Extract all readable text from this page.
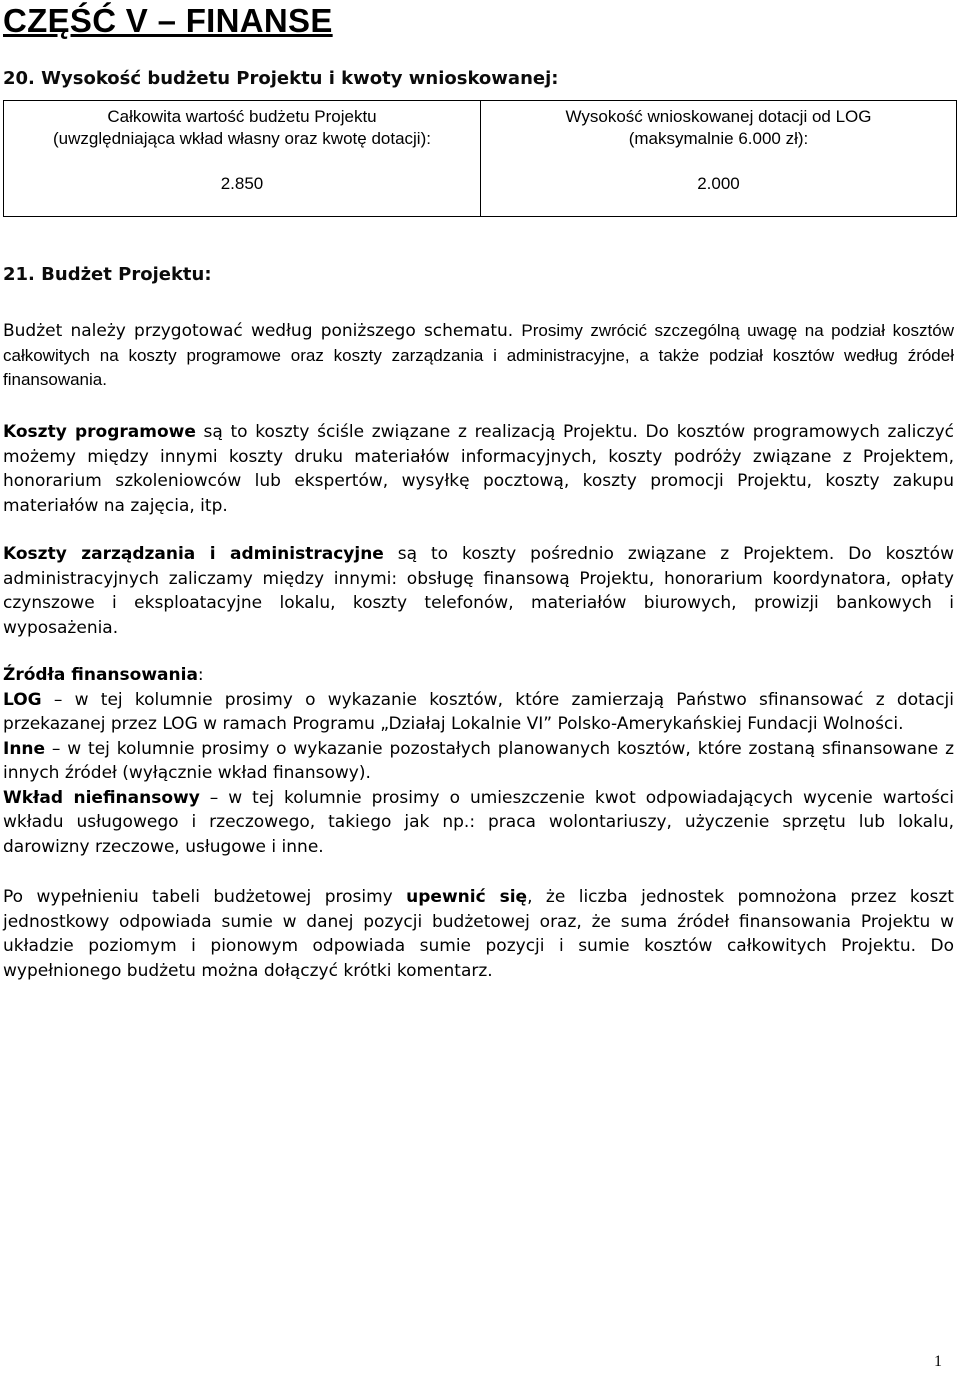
CZĘŚĆ V – FINANSE
20. Wysokość budżetu Projektu i kwoty wnioskowanej:
Całkowita wartość budżetu Projektu
(uwzględniająca wkład własny oraz kwotę dotacji):
2.850
Wysokość wnioskowanej dotacji od LOG
(maksymalnie 6.000 zł):
2.000
21. Budżet Projektu:

Budżet należy przygotować według poniższego schematu. Prosimy zwrócić szczególną uwagę na podział kosztów całkowitych na koszty programowe oraz koszty zarządzania i administracyjne, a także podział kosztów według źródeł finansowania.

Koszty programowe są to koszty ściśle związane z realizacją Projektu. Do kosztów programowych zaliczyć możemy między innymi koszty druku materiałów informacyjnych, koszty podróży związane z Projektem, honorarium szkoleniowców lub ekspertów, wysyłkę pocztową, koszty promocji Projektu, koszty zakupu materiałów na zajęcia, itp.

Koszty zarządzania i administracyjne są to koszty pośrednio związane z Projektem. Do kosztów administracyjnych zaliczamy między innymi: obsługę finansową Projektu, honorarium koordynatora, opłaty czynszowe i eksploatacyjne lokalu, koszty telefonów, materiałów biurowych, prowizji bankowych i wyposażenia.

Źródła finansowania:
LOG – w tej kolumnie prosimy o wykazanie kosztów, które zamierzają Państwo sfinansować z dotacji przekazanej przez LOG w ramach Programu „Działaj Lokalnie VI” Polsko-Amerykańskiej Fundacji Wolności.
Inne – w tej kolumnie prosimy o wykazanie pozostałych planowanych kosztów, które zostaną sfinansowane z innych źródeł (wyłącznie wkład finansowy).
Wkład niefinansowy – w tej kolumnie prosimy o umieszczenie kwot odpowiadających wycenie wartości wkładu usługowego i rzeczowego, takiego jak np.: praca wolontariuszy, użyczenie sprzętu lub lokalu, darowizny rzeczowe, usługowe i inne.

Po wypełnieniu tabeli budżetowej prosimy upewnić się, że liczba jednostek pomnożona przez koszt jednostkowy odpowiada sumie w danej pozycji budżetowej oraz, że suma źródeł finansowania Projektu w układzie poziomym i pionowym odpowiada sumie pozycji i sumie kosztów całkowitych Projektu. Do wypełnionego budżetu można dołączyć krótki komentarz.

1
